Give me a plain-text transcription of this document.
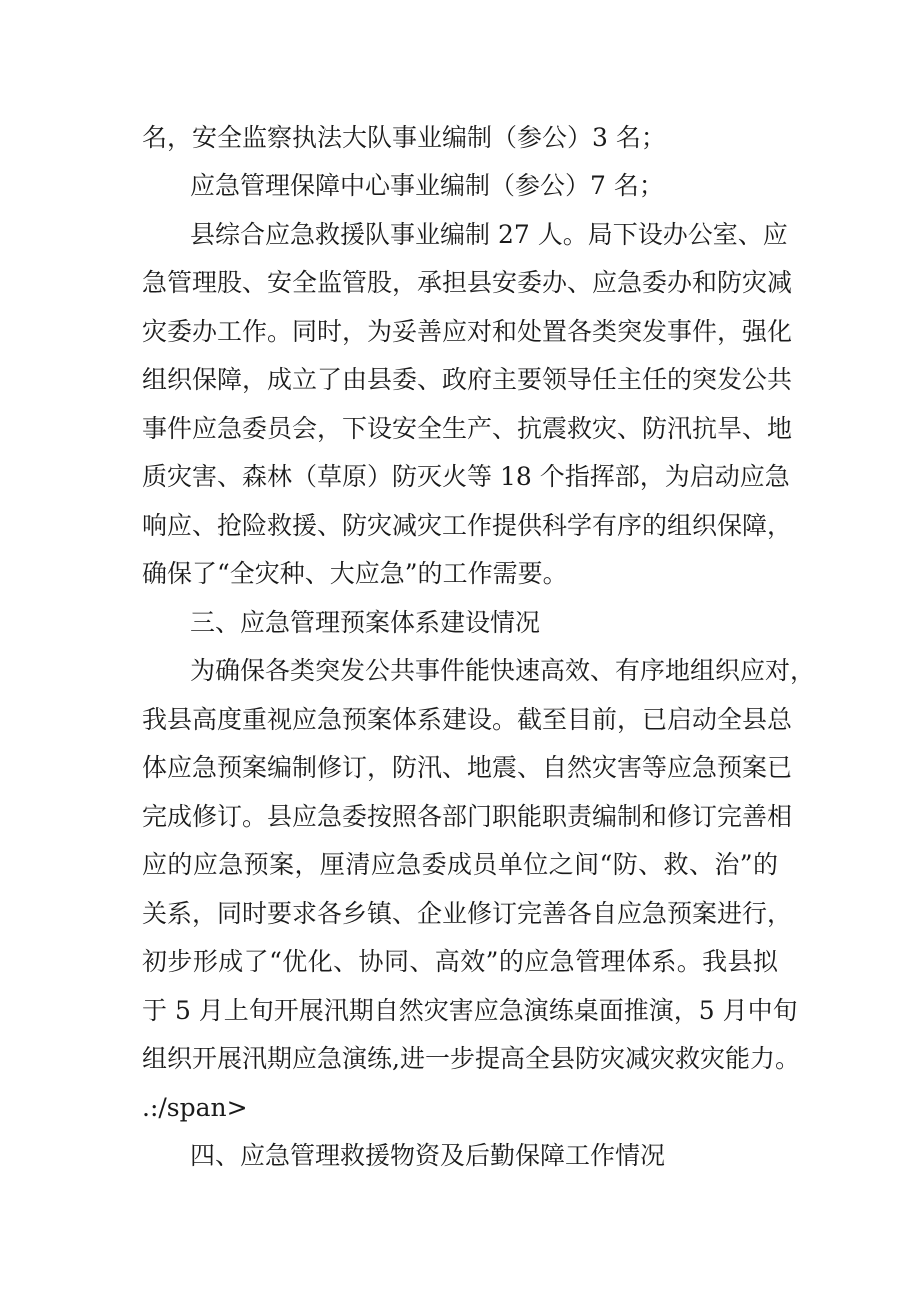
名，安全监察执法大队事业编制（参公）3 名；

应急管理保障中心事业编制（参公）7 名；

县综合应急救援队事业编制 27 人。局下设办公室、应

急管理股、安全监管股，承担县安委办、应急委办和防灾减

灾委办工作。同时，为妥善应对和处置各类突发事件，强化

组织保障，成立了由县委、政府主要领导任主任的突发公共

事件应急委员会，下设安全生产、抗震救灾、防汛抗旱、地

质灾害、森林（草原）防灭火等 18 个指挥部，为启动应急

响应、抢险救援、防灾减灾工作提供科学有序的组织保障，

确保了“全灾种、大应急”的工作需要。

三、应急管理预案体系建设情况

为确保各类突发公共事件能快速高效、有序地组织应对，

我县高度重视应急预案体系建设。截至目前，已启动全县总

体应急预案编制修订，防汛、地震、自然灾害等应急预案已

完成修订。县应急委按照各部门职能职责编制和修订完善相

应的应急预案，厘清应急委成员单位之间“防、救、治”的

关系，同时要求各乡镇、企业修订完善各自应急预案进行，

初步形成了“优化、协同、高效”的应急管理体系。我县拟

于 5 月上旬开展汛期自然灾害应急演练桌面推演，5 月中旬

组织开展汛期应急演练,进一步提高全县防灾减灾救灾能力。

.:/span>

四、应急管理救援物资及后勤保障工作情况
